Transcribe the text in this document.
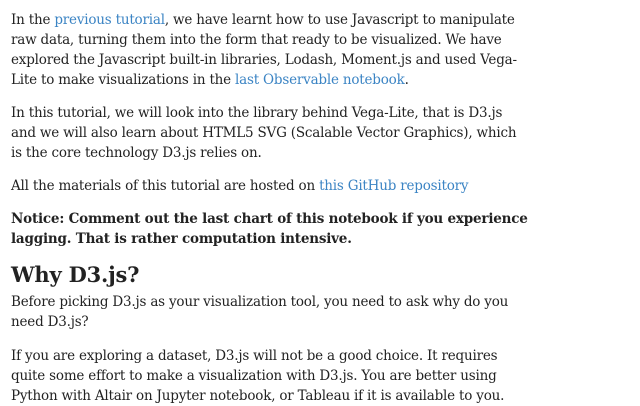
In the previous tutorial, we have learnt how to use Javascript to manipulate raw data, turning them into the form that ready to be visualized. We have explored the Javascript built-in libraries, Lodash, Moment.js and used Vega-Lite to make visualizations in the last Observable notebook.

In this tutorial, we will look into the library behind Vega-Lite, that is D3.js and we will also learn about HTML5 SVG (Scalable Vector Graphics), which is the core technology D3.js relies on.

All the materials of this tutorial are hosted on this GitHub repository

Notice: Comment out the last chart of this notebook if you experience lagging. That is rather computation intensive.

Why D3.js?

Before picking D3.js as your visualization tool, you need to ask why do you need D3.js?

If you are exploring a dataset, D3.js will not be a good choice. It requires quite some effort to make a visualization with D3.js. You are better using Python with Altair on Jupyter notebook, or Tableau if it is available to you.
